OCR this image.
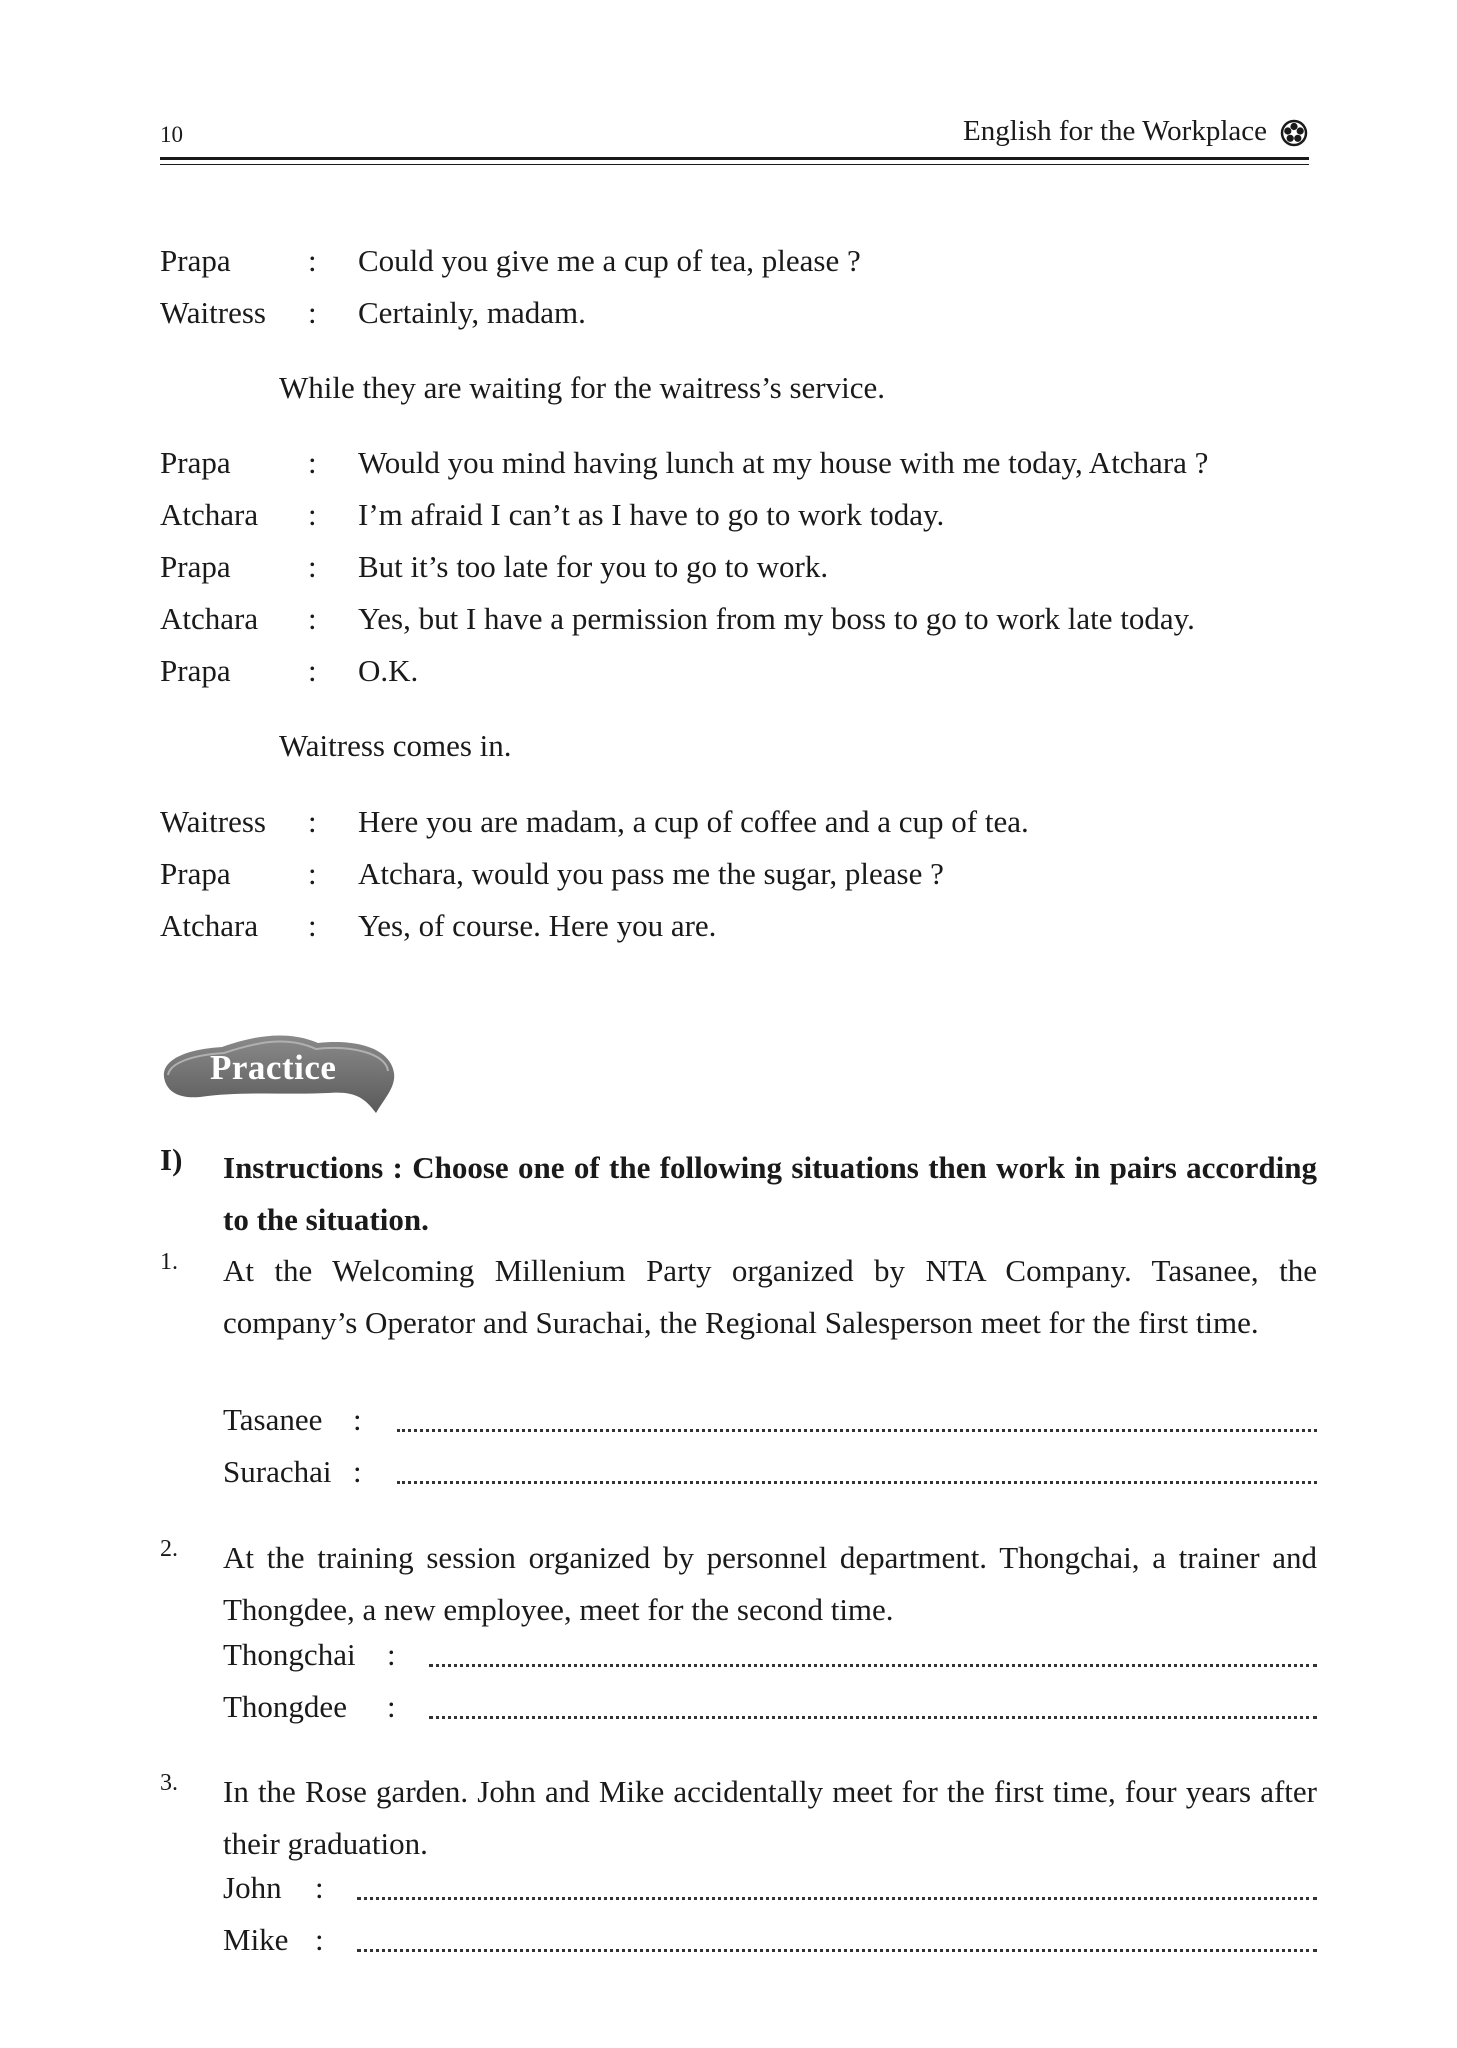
10	English for the Workplace
Prapa : Could you give me a cup of tea, please ?
Waitress : Certainly, madam.
While they are waiting for the waitress’s service.
Prapa : Would you mind having lunch at my house with me today, Atchara ?
Atchara : I’m afraid I can’t as I have to go to work today.
Prapa : But it’s too late for you to go to work.
Atchara : Yes, but I have a permission from my boss to go to work late today.
Prapa : O.K.
Waitress comes in.
Waitress : Here you are madam, a cup of coffee and a cup of tea.
Prapa : Atchara, would you pass me the sugar, please ?
Atchara : Yes, of course. Here you are.
Practice
I) Instructions : Choose one of the following situations then work in pairs according to the situation.
1. At the Welcoming Millenium Party organized by NTA Company. Tasanee, the company’s Operator and Surachai, the Regional Salesperson meet for the first time.
Tasanee :
Surachai :
2. At the training session organized by personnel department. Thongchai, a trainer and Thongdee, a new employee, meet for the second time.
Thongchai :
Thongdee :
3. In the Rose garden. John and Mike accidentally meet for the first time, four years after their graduation.
John :
Mike :
